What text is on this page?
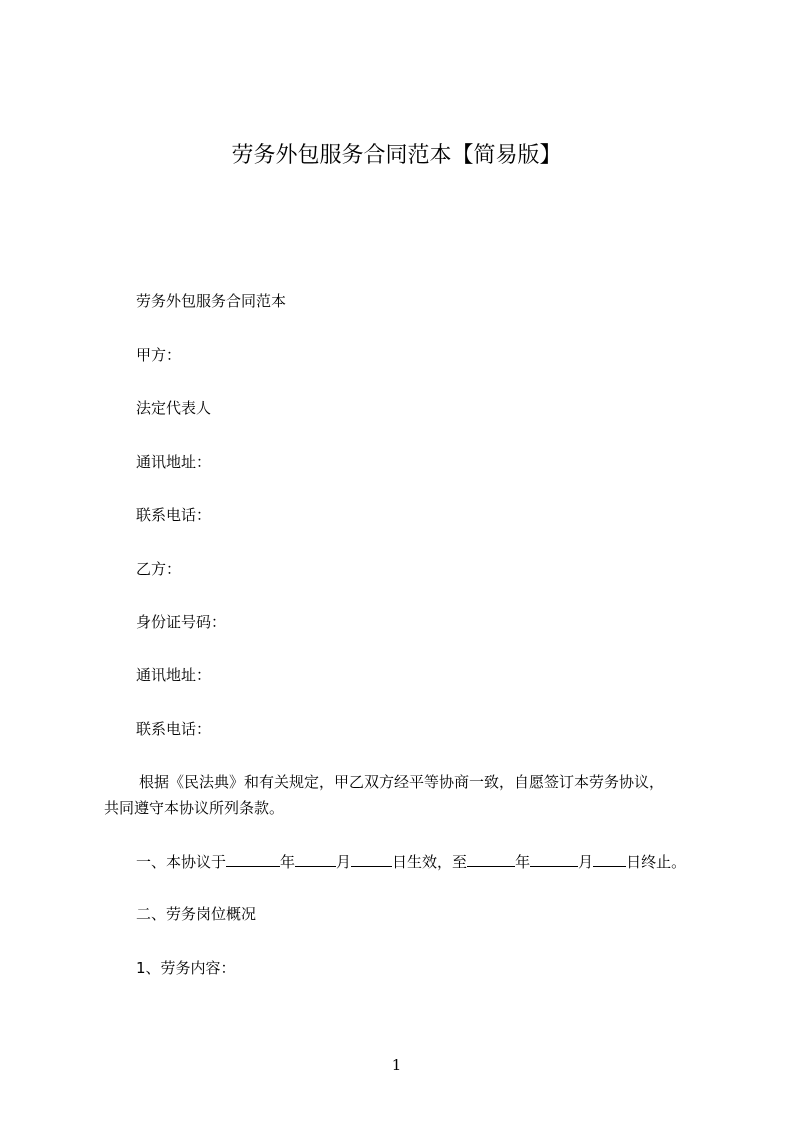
劳务外包服务合同范本【简易版】
劳务外包服务合同范本
甲方：
法定代表人
通讯地址：
联系电话：
乙方：
身份证号码：
通讯地址：
联系电话：
根据《民法典》和有关规定，甲乙双方经平等协商一致，自愿签订本劳务协议，
共同遵守本协议所列条款。
一、本协议于	年	月	日生效，至	年	月 日终止。
二、劳务岗位概况
1、劳务内容：
1
